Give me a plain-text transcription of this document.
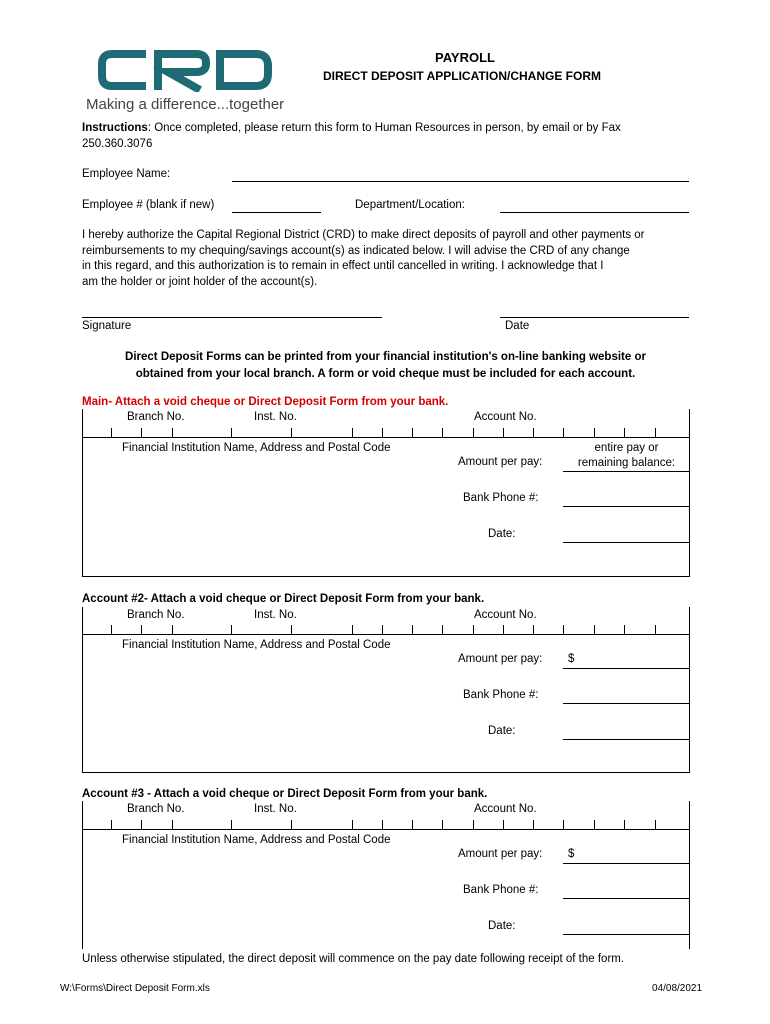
Making a difference...together
PAYROLL
DIRECT DEPOSIT APPLICATION/CHANGE FORM
Instructions: Once completed, please return this form to Human Resources in person, by email or by Fax
250.360.3076
Employee Name:
Employee # (blank if new)	Department/Location:
I hereby authorize the Capital Regional District (CRD) to make direct deposits of payroll and other payments or
reimbursements to my chequing/savings account(s) as indicated below. I will advise the CRD of any change
in this regard, and this authorization is to remain in effect until cancelled in writing. I acknowledge that I
am the holder or joint holder of the account(s).
Signature	Date
Direct Deposit Forms can be printed from your financial institution's on-line banking website or
obtained from your local branch. A form or void cheque must be included for each account.
Main- Attach a void cheque or Direct Deposit Form from your bank.
Branch No.	Inst. No.	Account No.
Financial Institution Name, Address and Postal Code
Amount per pay:
entire pay or
remaining balance:
Bank Phone #:
Date:
Account #2- Attach a void cheque or Direct Deposit Form from your bank.
Branch No.	Inst. No.	Account No.
Financial Institution Name, Address and Postal Code
Amount per pay: $
Bank Phone #:
Date:
Account #3 - Attach a void cheque or Direct Deposit Form from your bank.
Branch No.	Inst. No.	Account No.
Financial Institution Name, Address and Postal Code
Amount per pay: $
Bank Phone #:
Date:
Unless otherwise stipulated, the direct deposit will commence on the pay date following receipt of the form.
W:\Forms\Direct Deposit Form.xls	04/08/2021
